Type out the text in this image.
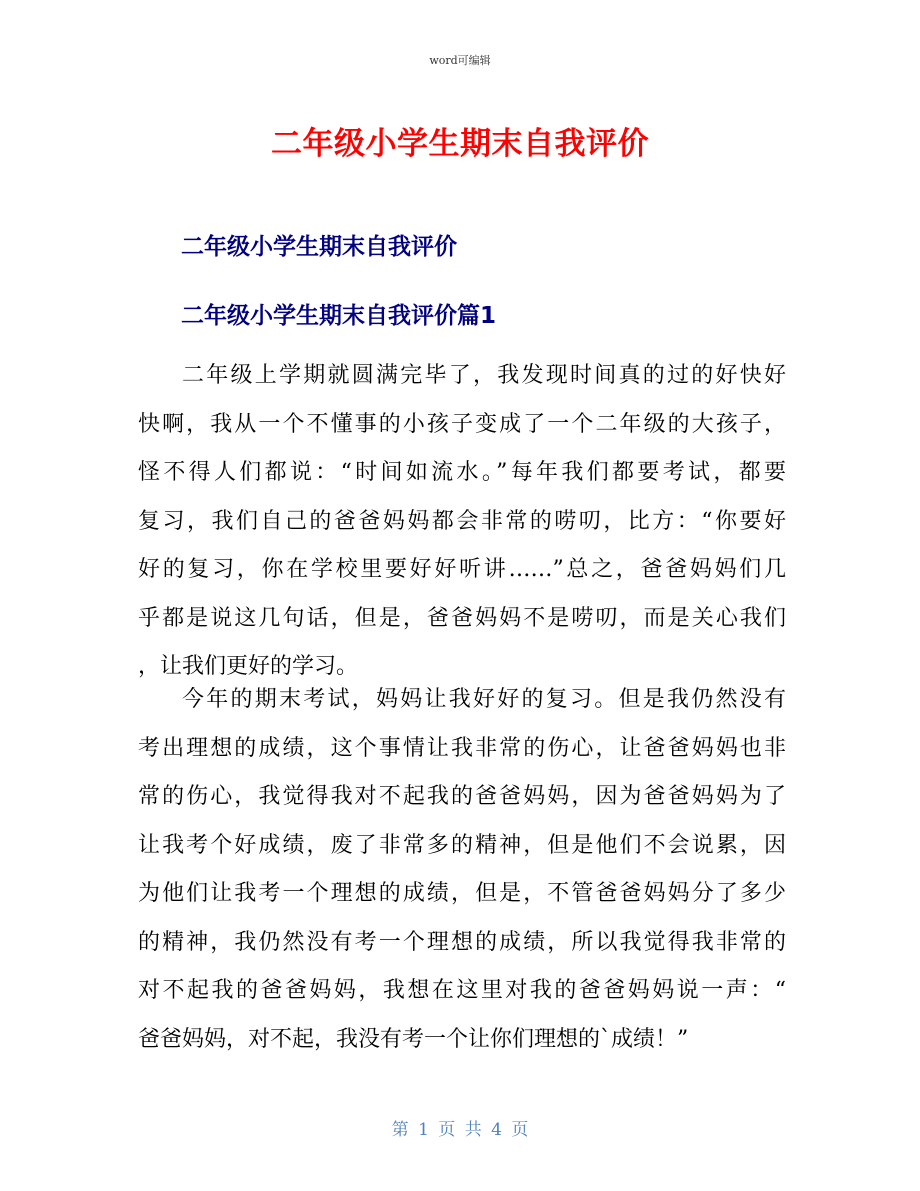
word可编辑
二年级小学生期末自我评价
二年级小学生期末自我评价
二年级小学生期末自我评价篇1
二年级上学期就圆满完毕了，我发现时间真的过的好快好
快啊，我从一个不懂事的小孩子变成了一个二年级的大孩子，
怪不得人们都说：“时间如流水。”每年我们都要考试，都要
复习，我们自己的爸爸妈妈都会非常的唠叨，比方：“你要好
好的复习，你在学校里要好好听讲……”总之，爸爸妈妈们几
乎都是说这几句话，但是，爸爸妈妈不是唠叨，而是关心我们
，让我们更好的学习。
今年的期末考试，妈妈让我好好的复习。但是我仍然没有
考出理想的成绩，这个事情让我非常的伤心，让爸爸妈妈也非
常的伤心，我觉得我对不起我的爸爸妈妈，因为爸爸妈妈为了
让我考个好成绩，废了非常多的精神，但是他们不会说累，因
为他们让我考一个理想的成绩，但是，不管爸爸妈妈分了多少
的精神，我仍然没有考一个理想的成绩，所以我觉得我非常的
对不起我的爸爸妈妈，我想在这里对我的爸爸妈妈说一声：“
爸爸妈妈，对不起，我没有考一个让你们理想的`成绩！”
第 1 页 共 4 页
